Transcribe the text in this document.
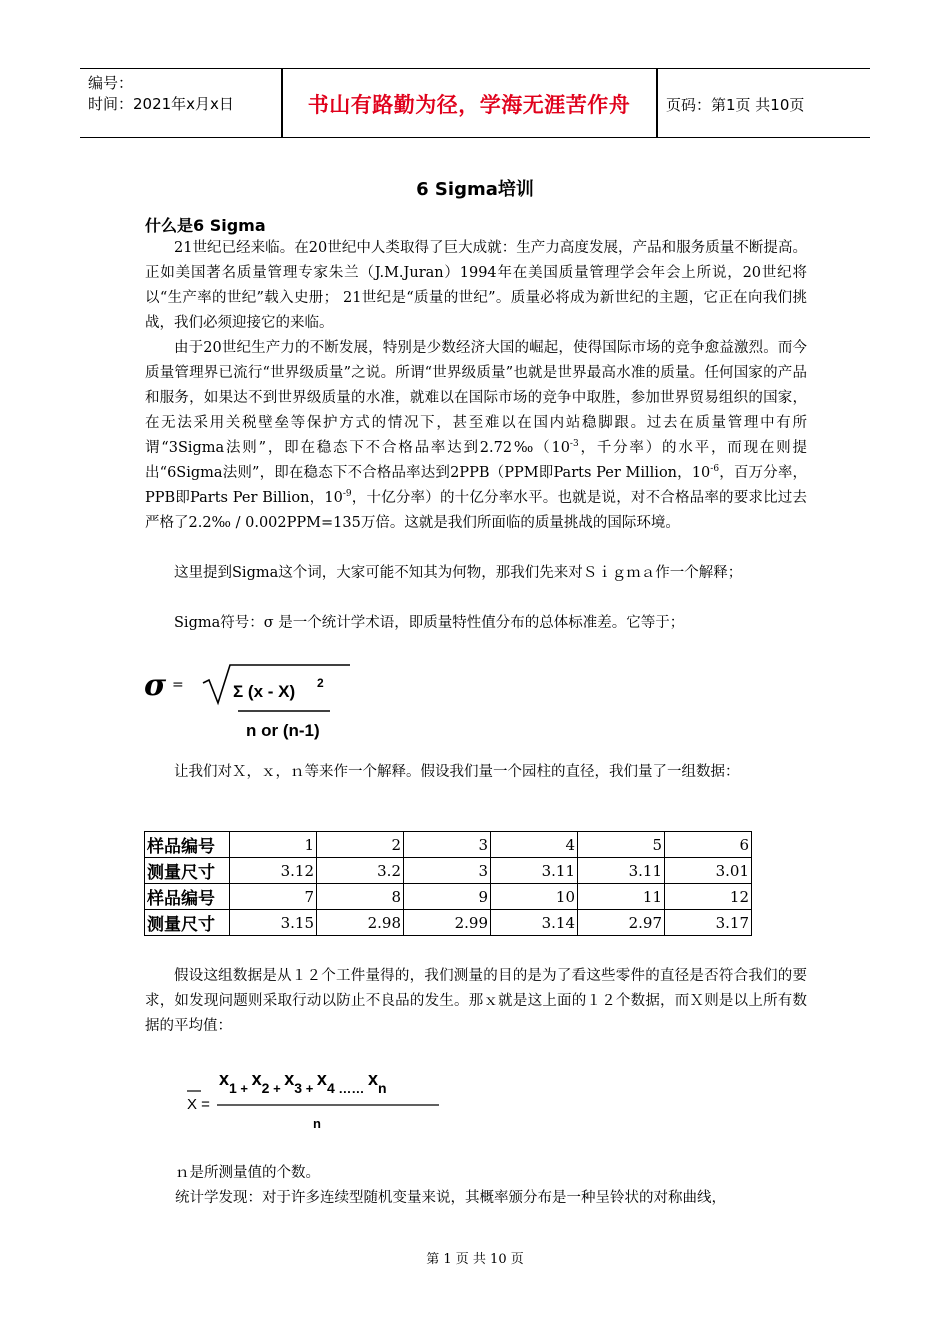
编号：
时间：2021年x月x日	书山有路勤为径，学海无涯苦作舟	页码：第1页 共10页
6 Sigma培训
什么是6 Sigma

21世纪已经来临。在20世纪中人类取得了巨大成就：生产力高度发展，产品和服务质量不断提高。正如美国著名质量管理专家朱兰（J.M.Juran）1994年在美国质量管理学会年会上所说，20世纪将以“生产率的世纪”载入史册； 21世纪是“质量的世纪”。质量必将成为新世纪的主题，它正在向我们挑战，我们必须迎接它的来临。

由于20世纪生产力的不断发展，特别是少数经济大国的崛起，使得国际市场的竞争愈益激烈。而今质量管理界已流行“世界级质量”之说。所谓“世界级质量”也就是世界最高水准的质量。任何国家的产品和服务，如果达不到世界级质量的水准，就难以在国际市场的竞争中取胜，参加世界贸易组织的国家，在无法采用关税壁垒等保护方式的情况下，甚至难以在国内站稳脚跟。过去在质量管理中有所谓“3Sigma法则”，即在稳态下不合格品率达到$2.72‰(10^{-3}$，千分率）的水平，而现在则提出“6Sigma法则”，即在稳态下不合格品率达到2PPB（PPM即Parts Per Million，$10^{-6}$，百万分率，PPB即Parts Per Billion，$10^{-9}$，十亿分率）的十亿分率水平。也就是说，对不合格品率的要求比过去严格了2.2‰ / 0.002PPM=135万倍。这就是我们所面临的质量挑战的国际环境。

这里提到Sigma这个词，大家可能不知其为何物，那我们先来对Ｓｉｇｍａ作一个解释；

Sigma符号：σ 是一个统计学术语，即质量特性值分布的总体标准差。它等于；

σ =	Σ (x - X) 2
n or (n-1)

让我们对Ｘ，ｘ，ｎ等来作一个解释。假设我们量一个园柱的直径，我们量了一组数据：

样品编号	1	2	3	4	5	6
测量尺寸	3.12	3.2	3	3.11	3.11	3.01
样品编号	7	8	9	10	11	12
测量尺寸	3.15	2.98	2.99	3.14	2.97	3.17

假设这组数据是从１２个工件量得的，我们测量的目的是为了看这些零件的直径是否符合我们的要求，如发现问题则采取行动以防止不良品的发生。那ｘ就是这上面的１２个数据，而Ｘ则是以上所有数据的平均值：

X =
x1 + x2 + x3 + x4 …… xn
n

ｎ是所测量值的个数。

统计学发现：对于许多连续型随机变量来说，其概率颁分布是一种呈铃状的对称曲线，

第 1 页 共 10 页
